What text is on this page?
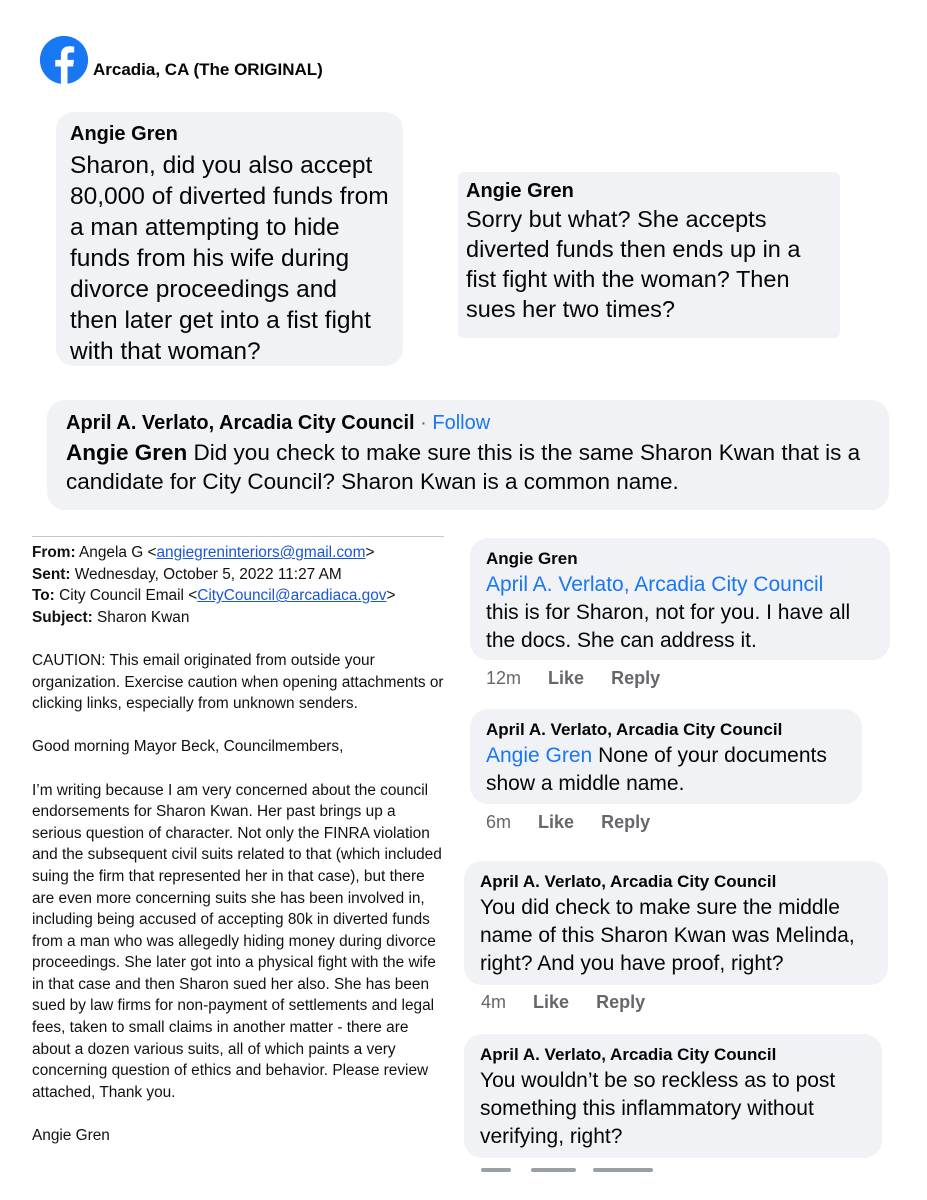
Arcadia, CA (The ORIGINAL)
Angie Gren
Sharon, did you also accept 80,000 of diverted funds from a man attempting to hide funds from his wife during divorce proceedings and then later get into a fist fight with that woman?
Angie Gren
Sorry but what? She accepts diverted funds then ends up in a fist fight with the woman? Then sues her two times?
April A. Verlato, Arcadia City Council · Follow
Angie Gren Did you check to make sure this is the same Sharon Kwan that is a candidate for City Council? Sharon Kwan is a common name.

From: Angela G <angiegreninteriors@gmail.com>

Sent: Wednesday, October 5, 2022 11:27 AM

To: City Council Email <CityCouncil@arcadiaca.gov>

Subject: Sharon Kwan

CAUTION: This email originated from outside your organization. Exercise caution when opening attachments or clicking links, especially from unknown senders.

Good morning Mayor Beck, Councilmembers,

I’m writing because I am very concerned about the council endorsements for Sharon Kwan. Her past brings up a serious question of character. Not only the FINRA violation and the subsequent civil suits related to that (which included suing the firm that represented her in that case), but there are even more concerning suits she has been involved in, including being accused of accepting 80k in diverted funds from a man who was allegedly hiding money during divorce proceedings. She later got into a physical fight with the wife in that case and then Sharon sued her also. She has been sued by law firms for non-payment of settlements and legal fees, taken to small claims in another matter - there are about a dozen various suits, all of which paints a very concerning question of ethics and behavior. Please review attached, Thank you.

Angie Gren

Angie Gren
April A. Verlato, Arcadia City Council
this is for Sharon, not for you. I have all the docs. She can address it.
12m Like Reply
April A. Verlato, Arcadia City Council
Angie Gren None of your documents show a middle name.
6m Like Reply
April A. Verlato, Arcadia City Council
You did check to make sure the middle name of this Sharon Kwan was Melinda, right? And you have proof, right?
4m Like Reply
April A. Verlato, Arcadia City Council
You wouldn’t be so reckless as to post something this inflammatory without verifying, right?
